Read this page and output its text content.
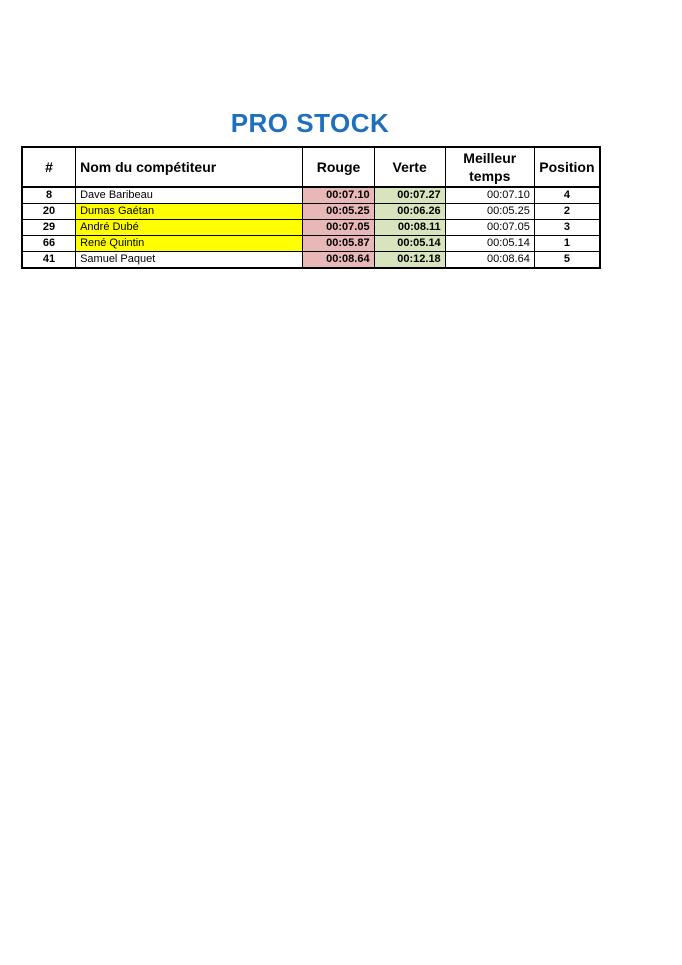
PRO STOCK
#	Nom du compétiteur	Rouge	Verte	Meilleur temps	Position
8	Dave Baribeau	00:07.10	00:07.27	00:07.10	4
20	Dumas Gaétan	00:05.25	00:06.26	00:05.25	2
29	André Dubé	00:07.05	00:08.11	00:07.05	3
66	René Quintin	00:05.87	00:05.14	00:05.14	1
41	Samuel Paquet	00:08.64	00:12.18	00:08.64	5
